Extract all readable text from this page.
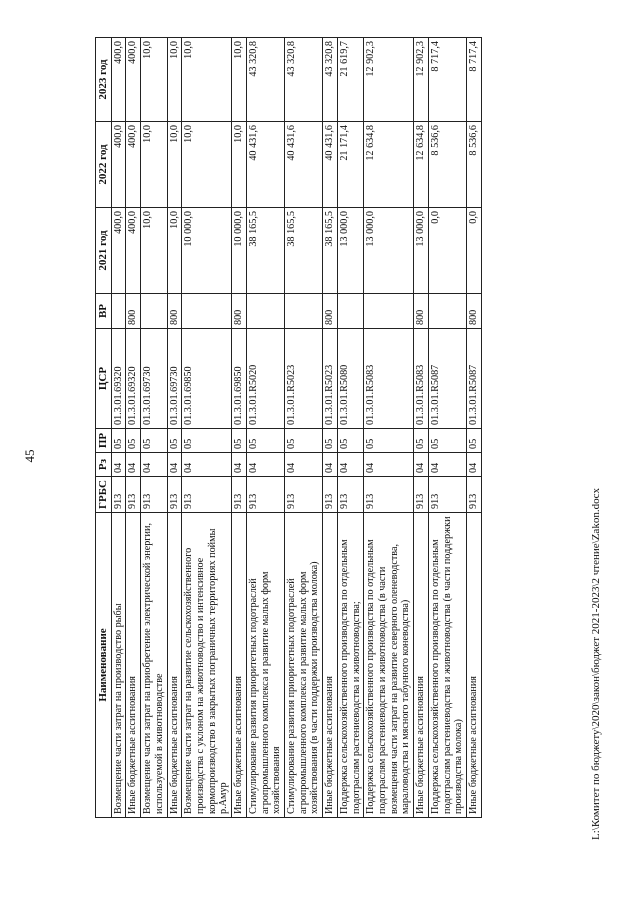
45
Наименование	ГРБС	Рз	ПР	ЦСР	ВР	2021 год	2022 год	2023 год
Возмещение части затрат на производство рыбы	913	04	05	01.3.01.69320		400,0	400,0	400,0
Иные бюджетные ассигнования	913	04	05	01.3.01.69320	800	400,0	400,0	400,0
Возмещение части затрат на приобретение электрической энергии, используемой в животноводстве	913	04	05	01.3.01.69730		10,0	10,0	10,0
Иные бюджетные ассигнования	913	04	05	01.3.01.69730	800	10,0	10,0	10,0
Возмещение части затрат на развитие сельскохозяйственного производства с уклоном на животноводство и интенсивное кормопроизводство в закрытых пограничных территориях поймы р.Амур	913	04	05	01.3.01.69850		10 000,0	10,0	10,0
Иные бюджетные ассигнования	913	04	05	01.3.01.69850	800	10 000,0	10,0	10,0
Стимулирование развития приоритетных подотраслей агропромышленного комплекса и развитие малых форм хозяйствования	913	04	05	01.3.01.R5020		38 165,5	40 431,6	43 320,8
Стимулирование развития приоритетных подотраслей агропромышленного комплекса и развитие малых форм хозяйствования (в части поддержки производства молока)	913	04	05	01.3.01.R5023		38 165,5	40 431,6	43 320,8
Иные бюджетные ассигнования	913	04	05	01.3.01.R5023	800	38 165,5	40 431,6	43 320,8
Поддержка сельскохозяйственного производства по отдельным подотраслям растениеводства и животноводства;	913	04	05	01.3.01.R5080		13 000,0	21 171,4	21 619,7
Поддержка сельскохозяйственного производства по отдельным подотраслям растениеводства и животноводства (в части возмещения части затрат на развитие северного оленеводства, мараловодства и мясного табунного коневодства)	913	04	05	01.3.01.R5083		13 000,0	12 634,8	12 902,3
Иные бюджетные ассигнования	913	04	05	01.3.01.R5083	800	13 000,0	12 634,8	12 902,3
Поддержка сельскохозяйственного производства по отдельным подотраслям растениеводства и животноводства (в части поддержки производства молока)	913	04	05	01.3.01.R5087		0,0	8 536,6	8 717,4
Иные бюджетные ассигнования	913	04	05	01.3.01.R5087	800	0,0	8 536,6	8 717,4
L:\Комитет по бюджету\2020\закон\бюджет 2021-2023\2 чтение\Zakon.docx
